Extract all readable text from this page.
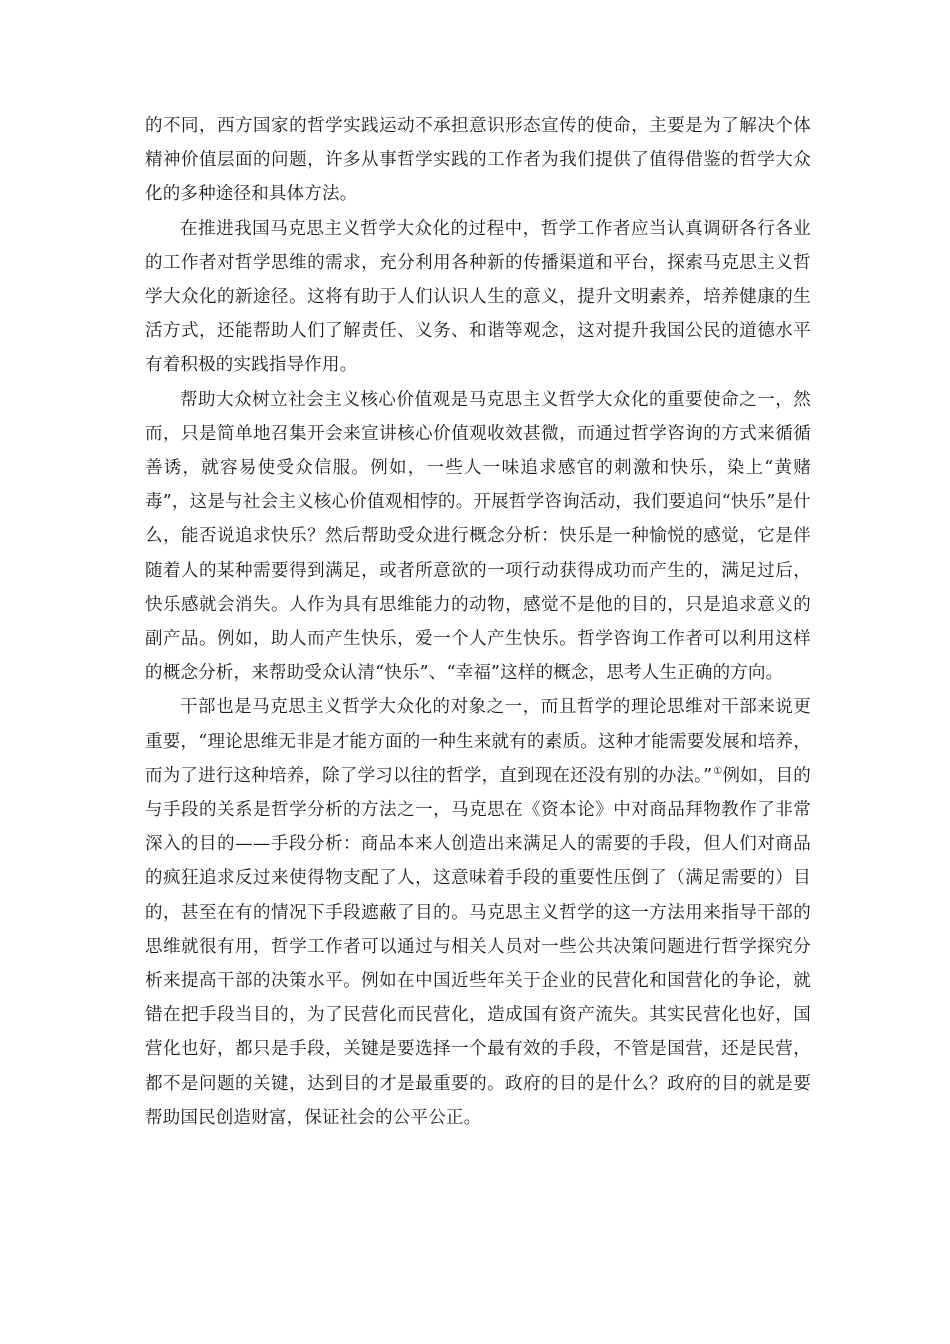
的不同，西方国家的哲学实践运动不承担意识形态宣传的使命，主要是为了解决个体精神价值层面的问题，许多从事哲学实践的工作者为我们提供了值得借鉴的哲学大众化的多种途径和具体方法。

在推进我国马克思主义哲学大众化的过程中，哲学工作者应当认真调研各行各业的工作者对哲学思维的需求，充分利用各种新的传播渠道和平台，探索马克思主义哲学大众化的新途径。这将有助于人们认识人生的意义，提升文明素养，培养健康的生活方式，还能帮助人们了解责任、义务、和谐等观念，这对提升我国公民的道德水平有着积极的实践指导作用。

帮助大众树立社会主义核心价值观是马克思主义哲学大众化的重要使命之一，然而，只是简单地召集开会来宣讲核心价值观收效甚微，而通过哲学咨询的方式来循循善诱，就容易使受众信服。例如，一些人一味追求感官的刺激和快乐，染上“黄赌毒”，这是与社会主义核心价值观相悖的。开展哲学咨询活动，我们要追问“快乐”是什么，能否说追求快乐？然后帮助受众进行概念分析：快乐是一种愉悦的感觉，它是伴随着人的某种需要得到满足，或者所意欲的一项行动获得成功而产生的，满足过后，快乐感就会消失。人作为具有思维能力的动物，感觉不是他的目的，只是追求意义的副产品。例如，助人而产生快乐，爱一个人产生快乐。哲学咨询工作者可以利用这样的概念分析，来帮助受众认清“快乐”、“幸福”这样的概念，思考人生正确的方向。

干部也是马克思主义哲学大众化的对象之一，而且哲学的理论思维对干部来说更重要，“理论思维无非是才能方面的一种生来就有的素质。这种才能需要发展和培养，而为了进行这种培养，除了学习以往的哲学，直到现在还没有别的办法。”①例如，目的与手段的关系是哲学分析的方法之一，马克思在《资本论》中对商品拜物教作了非常深入的目的——手段分析：商品本来人创造出来满足人的需要的手段，但人们对商品的疯狂追求反过来使得物支配了人，这意味着手段的重要性压倒了（满足需要的）目的，甚至在有的情况下手段遮蔽了目的。马克思主义哲学的这一方法用来指导干部的思维就很有用，哲学工作者可以通过与相关人员对一些公共决策问题进行哲学探究分析来提高干部的决策水平。例如在中国近些年关于企业的民营化和国营化的争论，就错在把手段当目的，为了民营化而民营化，造成国有资产流失。其实民营化也好，国营化也好，都只是手段，关键是要选择一个最有效的手段，不管是国营，还是民营，都不是问题的关键，达到目的才是最重要的。政府的目的是什么？政府的目的就是要帮助国民创造财富，保证社会的公平公正。
